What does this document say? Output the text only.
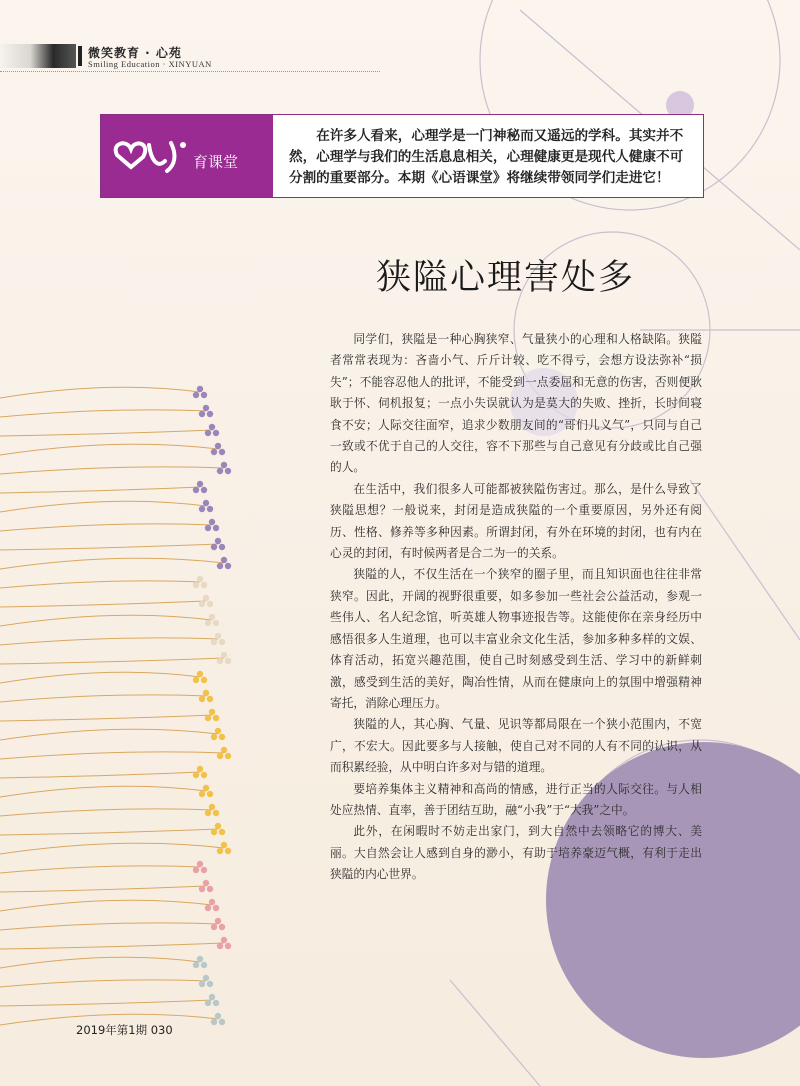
微笑教育 · 心苑
Smiling Education · XINYUAN
育课堂
在许多人看来，心理学是一门神秘而又遥远的学科。其实并不然，心理学与我们的生活息息相关，心理健康更是现代人健康不可分割的重要部分。本期《心语课堂》将继续带领同学们走进它！
狭隘心理害处多

同学们，狭隘是一种心胸狭窄、气量狭小的心理和人格缺陷。狭隘者常常表现为：吝啬小气、斤斤计较、吃不得亏，会想方设法弥补“损失”；不能容忍他人的批评，不能受到一点委屈和无意的伤害，否则便耿耿于怀、伺机报复；一点小失误就认为是莫大的失败、挫折，长时间寝食不安；人际交往面窄，追求少数朋友间的“哥们儿义气”，只同与自己一致或不优于自己的人交往，容不下那些与自己意见有分歧或比自己强的人。

在生活中，我们很多人可能都被狭隘伤害过。那么，是什么导致了狭隘思想？一般说来，封闭是造成狭隘的一个重要原因，另外还有阅历、性格、修养等多种因素。所谓封闭，有外在环境的封闭，也有内在心灵的封闭，有时候两者是合二为一的关系。

狭隘的人，不仅生活在一个狭窄的圈子里，而且知识面也往往非常狭窄。因此，开阔的视野很重要，如多参加一些社会公益活动，参观一些伟人、名人纪念馆，听英雄人物事迹报告等。这能使你在亲身经历中感悟很多人生道理，也可以丰富业余文化生活，参加多种多样的文娱、体育活动，拓宽兴趣范围，使自己时刻感受到生活、学习中的新鲜刺激，感受到生活的美好，陶冶性情，从而在健康向上的氛围中增强精神寄托，消除心理压力。

狭隘的人，其心胸、气量、见识等都局限在一个狭小范围内，不宽广，不宏大。因此要多与人接触，使自己对不同的人有不同的认识，从而积累经验，从中明白许多对与错的道理。

要培养集体主义精神和高尚的情感，进行正当的人际交往。与人相处应热情、直率，善于团结互助，融“小我”于“大我”之中。

此外，在闲暇时不妨走出家门，到大自然中去领略它的博大、美丽。大自然会让人感到自身的渺小，有助于培养豪迈气概，有利于走出狭隘的内心世界。

2019年第1期 030
